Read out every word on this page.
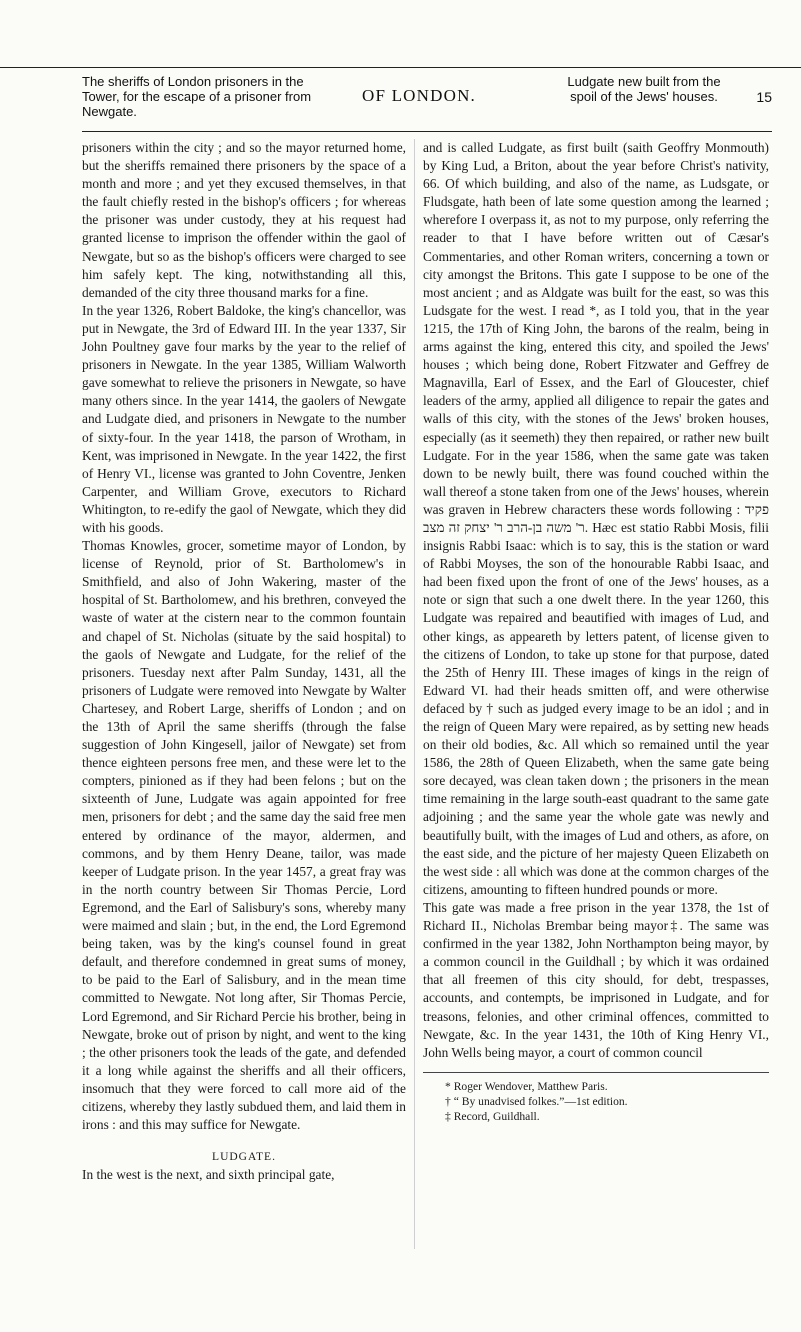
The sheriffs of London prisoners in the Tower, for the escape of a prisoner from Newgate.
OF LONDON.
Ludgate new built from the spoil of the Jews' houses.	15

prisoners within the city ; and so the mayor returned home, but the sheriffs remained there prisoners by the space of a month and more ; and yet they excused themselves, in that the fault chiefly rested in the bishop's officers ; for whereas the prisoner was under custody, they at his request had granted license to imprison the offender within the gaol of Newgate, but so as the bishop's officers were charged to see him safely kept. The king, notwithstanding all this, demanded of the city three thousand marks for a fine.

In the year 1326, Robert Baldoke, the king's chancellor, was put in Newgate, the 3rd of Edward III. In the year 1337, Sir John Poultney gave four marks by the year to the relief of prisoners in Newgate. In the year 1385, William Walworth gave somewhat to relieve the prisoners in Newgate, so have many others since. In the year 1414, the gaolers of Newgate and Ludgate died, and prisoners in Newgate to the number of sixty-four. In the year 1418, the parson of Wrotham, in Kent, was imprisoned in Newgate. In the year 1422, the first of Henry VI., license was granted to John Coventre, Jenken Carpenter, and William Grove, executors to Richard Whitington, to re-edify the gaol of Newgate, which they did with his goods.

Thomas Knowles, grocer, sometime mayor of London, by license of Reynold, prior of St. Bartholomew's in Smithfield, and also of John Wakering, master of the hospital of St. Bartholomew, and his brethren, conveyed the waste of water at the cistern near to the common fountain and chapel of St. Nicholas (situate by the said hospital) to the gaols of Newgate and Ludgate, for the relief of the prisoners. Tuesday next after Palm Sunday, 1431, all the prisoners of Ludgate were removed into Newgate by Walter Chartesey, and Robert Large, sheriffs of London ; and on the 13th of April the same sheriffs (through the false suggestion of John Kingesell, jailor of Newgate) set from thence eighteen persons free men, and these were let to the compters, pinioned as if they had been felons ; but on the sixteenth of June, Ludgate was again appointed for free men, prisoners for debt ; and the same day the said free men entered by ordinance of the mayor, aldermen, and commons, and by them Henry Deane, tailor, was made keeper of Ludgate prison. In the year 1457, a great fray was in the north country between Sir Thomas Percie, Lord Egremond, and the Earl of Salisbury's sons, whereby many were maimed and slain ; but, in the end, the Lord Egremond being taken, was by the king's counsel found in great default, and therefore condemned in great sums of money, to be paid to the Earl of Salisbury, and in the mean time committed to Newgate. Not long after, Sir Thomas Percie, Lord Egremond, and Sir Richard Percie his brother, being in Newgate, broke out of prison by night, and went to the king ; the other prisoners took the leads of the gate, and defended it a long while against the sheriffs and all their officers, insomuch that they were forced to call more aid of the citizens, whereby they lastly subdued them, and laid them in irons : and this may suffice for Newgate.

LUDGATE.

In the west is the next, and sixth principal gate,

and is called Ludgate, as first built (saith Geoffry Monmouth) by King Lud, a Briton, about the year before Christ's nativity, 66. Of which building, and also of the name, as Ludsgate, or Fludsgate, hath been of late some question among the learned ; wherefore I overpass it, as not to my purpose, only referring the reader to that I have before written out of Cæsar's Commentaries, and other Roman writers, concerning a town or city amongst the Britons. This gate I suppose to be one of the most ancient ; and as Aldgate was built for the east, so was this Ludsgate for the west. I read *, as I told you, that in the year 1215, the 17th of King John, the barons of the realm, being in arms against the king, entered this city, and spoiled the Jews' houses ; which being done, Robert Fitzwater and Geffrey de Magnavilla, Earl of Essex, and the Earl of Gloucester, chief leaders of the army, applied all diligence to repair the gates and walls of this city, with the stones of the Jews' broken houses, especially (as it seemeth) they then repaired, or rather new built Ludgate. For in the year 1586, when the same gate was taken down to be newly built, there was found couched within the wall thereof a stone taken from one of the Jews' houses, wherein was graven in Hebrew characters these words following : פקיד ר' משה בן-הרב ר' יצחק זה מצב. Hæc est statio Rabbi Mosis, filii insignis Rabbi Isaac: which is to say, this is the station or ward of Rabbi Moyses, the son of the honourable Rabbi Isaac, and had been fixed upon the front of one of the Jews' houses, as a note or sign that such a one dwelt there. In the year 1260, this Ludgate was repaired and beautified with images of Lud, and other kings, as appeareth by letters patent, of license given to the citizens of London, to take up stone for that purpose, dated the 25th of Henry III. These images of kings in the reign of Edward VI. had their heads smitten off, and were otherwise defaced by † such as judged every image to be an idol ; and in the reign of Queen Mary were repaired, as by setting new heads on their old bodies, &c. All which so remained until the year 1586, the 28th of Queen Elizabeth, when the same gate being sore decayed, was clean taken down ; the prisoners in the mean time remaining in the large south-east quadrant to the same gate adjoining ; and the same year the whole gate was newly and beautifully built, with the images of Lud and others, as afore, on the east side, and the picture of her majesty Queen Elizabeth on the west side : all which was done at the common charges of the citizens, amounting to fifteen hundred pounds or more.

This gate was made a free prison in the year 1378, the 1st of Richard II., Nicholas Brembar being mayor‡. The same was confirmed in the year 1382, John Northampton being mayor, by a common council in the Guildhall ; by which it was ordained that all freemen of this city should, for debt, trespasses, accounts, and contempts, be imprisoned in Ludgate, and for treasons, felonies, and other criminal offences, committed to Newgate, &c. In the year 1431, the 10th of King Henry VI., John Wells being mayor, a court of common council

* Roger Wendover, Matthew Paris.

† “ By unadvised folkes.”—1st edition.

‡ Record, Guildhall.
